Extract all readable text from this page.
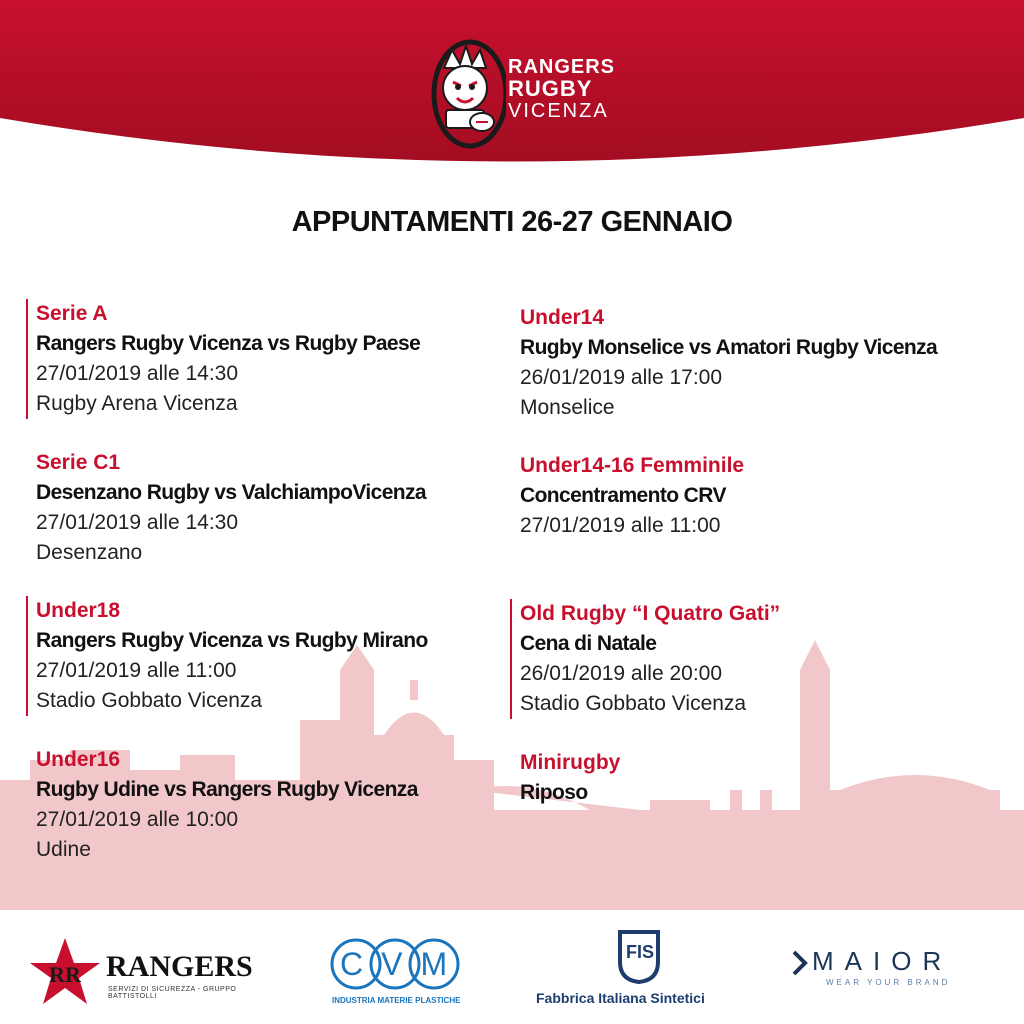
RANGERS
RUGBY
VICENZA
APPUNTAMENTI 26-27 GENNAIO
Serie A
Rangers Rugby Vicenza vs Rugby Paese
27/01/2019 alle 14:30
Rugby Arena Vicenza
Serie C1
Desenzano Rugby vs ValchiampoVicenza
27/01/2019 alle 14:30
Desenzano
Under18
Rangers Rugby Vicenza vs Rugby Mirano
27/01/2019 alle 11:00
Stadio Gobbato Vicenza
Under16
Rugby Udine vs Rangers Rugby Vicenza
27/01/2019 alle 10:00
Udine
Under14
Rugby Monselice vs Amatori Rugby Vicenza
26/01/2019 alle 17:00
Monselice
Under14-16 Femminile
Concentramento CRV
27/01/2019 alle 11:00
Old Rugby “I Quatro Gati”
Cena di Natale
26/01/2019 alle 20:00
Stadio Gobbato Vicenza
Minirugby
Riposo
RR RANGERS
SERVIZI DI SICUREZZA - GRUPPO BATTISTOLLI
CVM
INDUSTRIA MATERIE PLASTICHE
FIS
Fabbrica Italiana Sintetici
MAIOR
WEAR YOUR BRAND
